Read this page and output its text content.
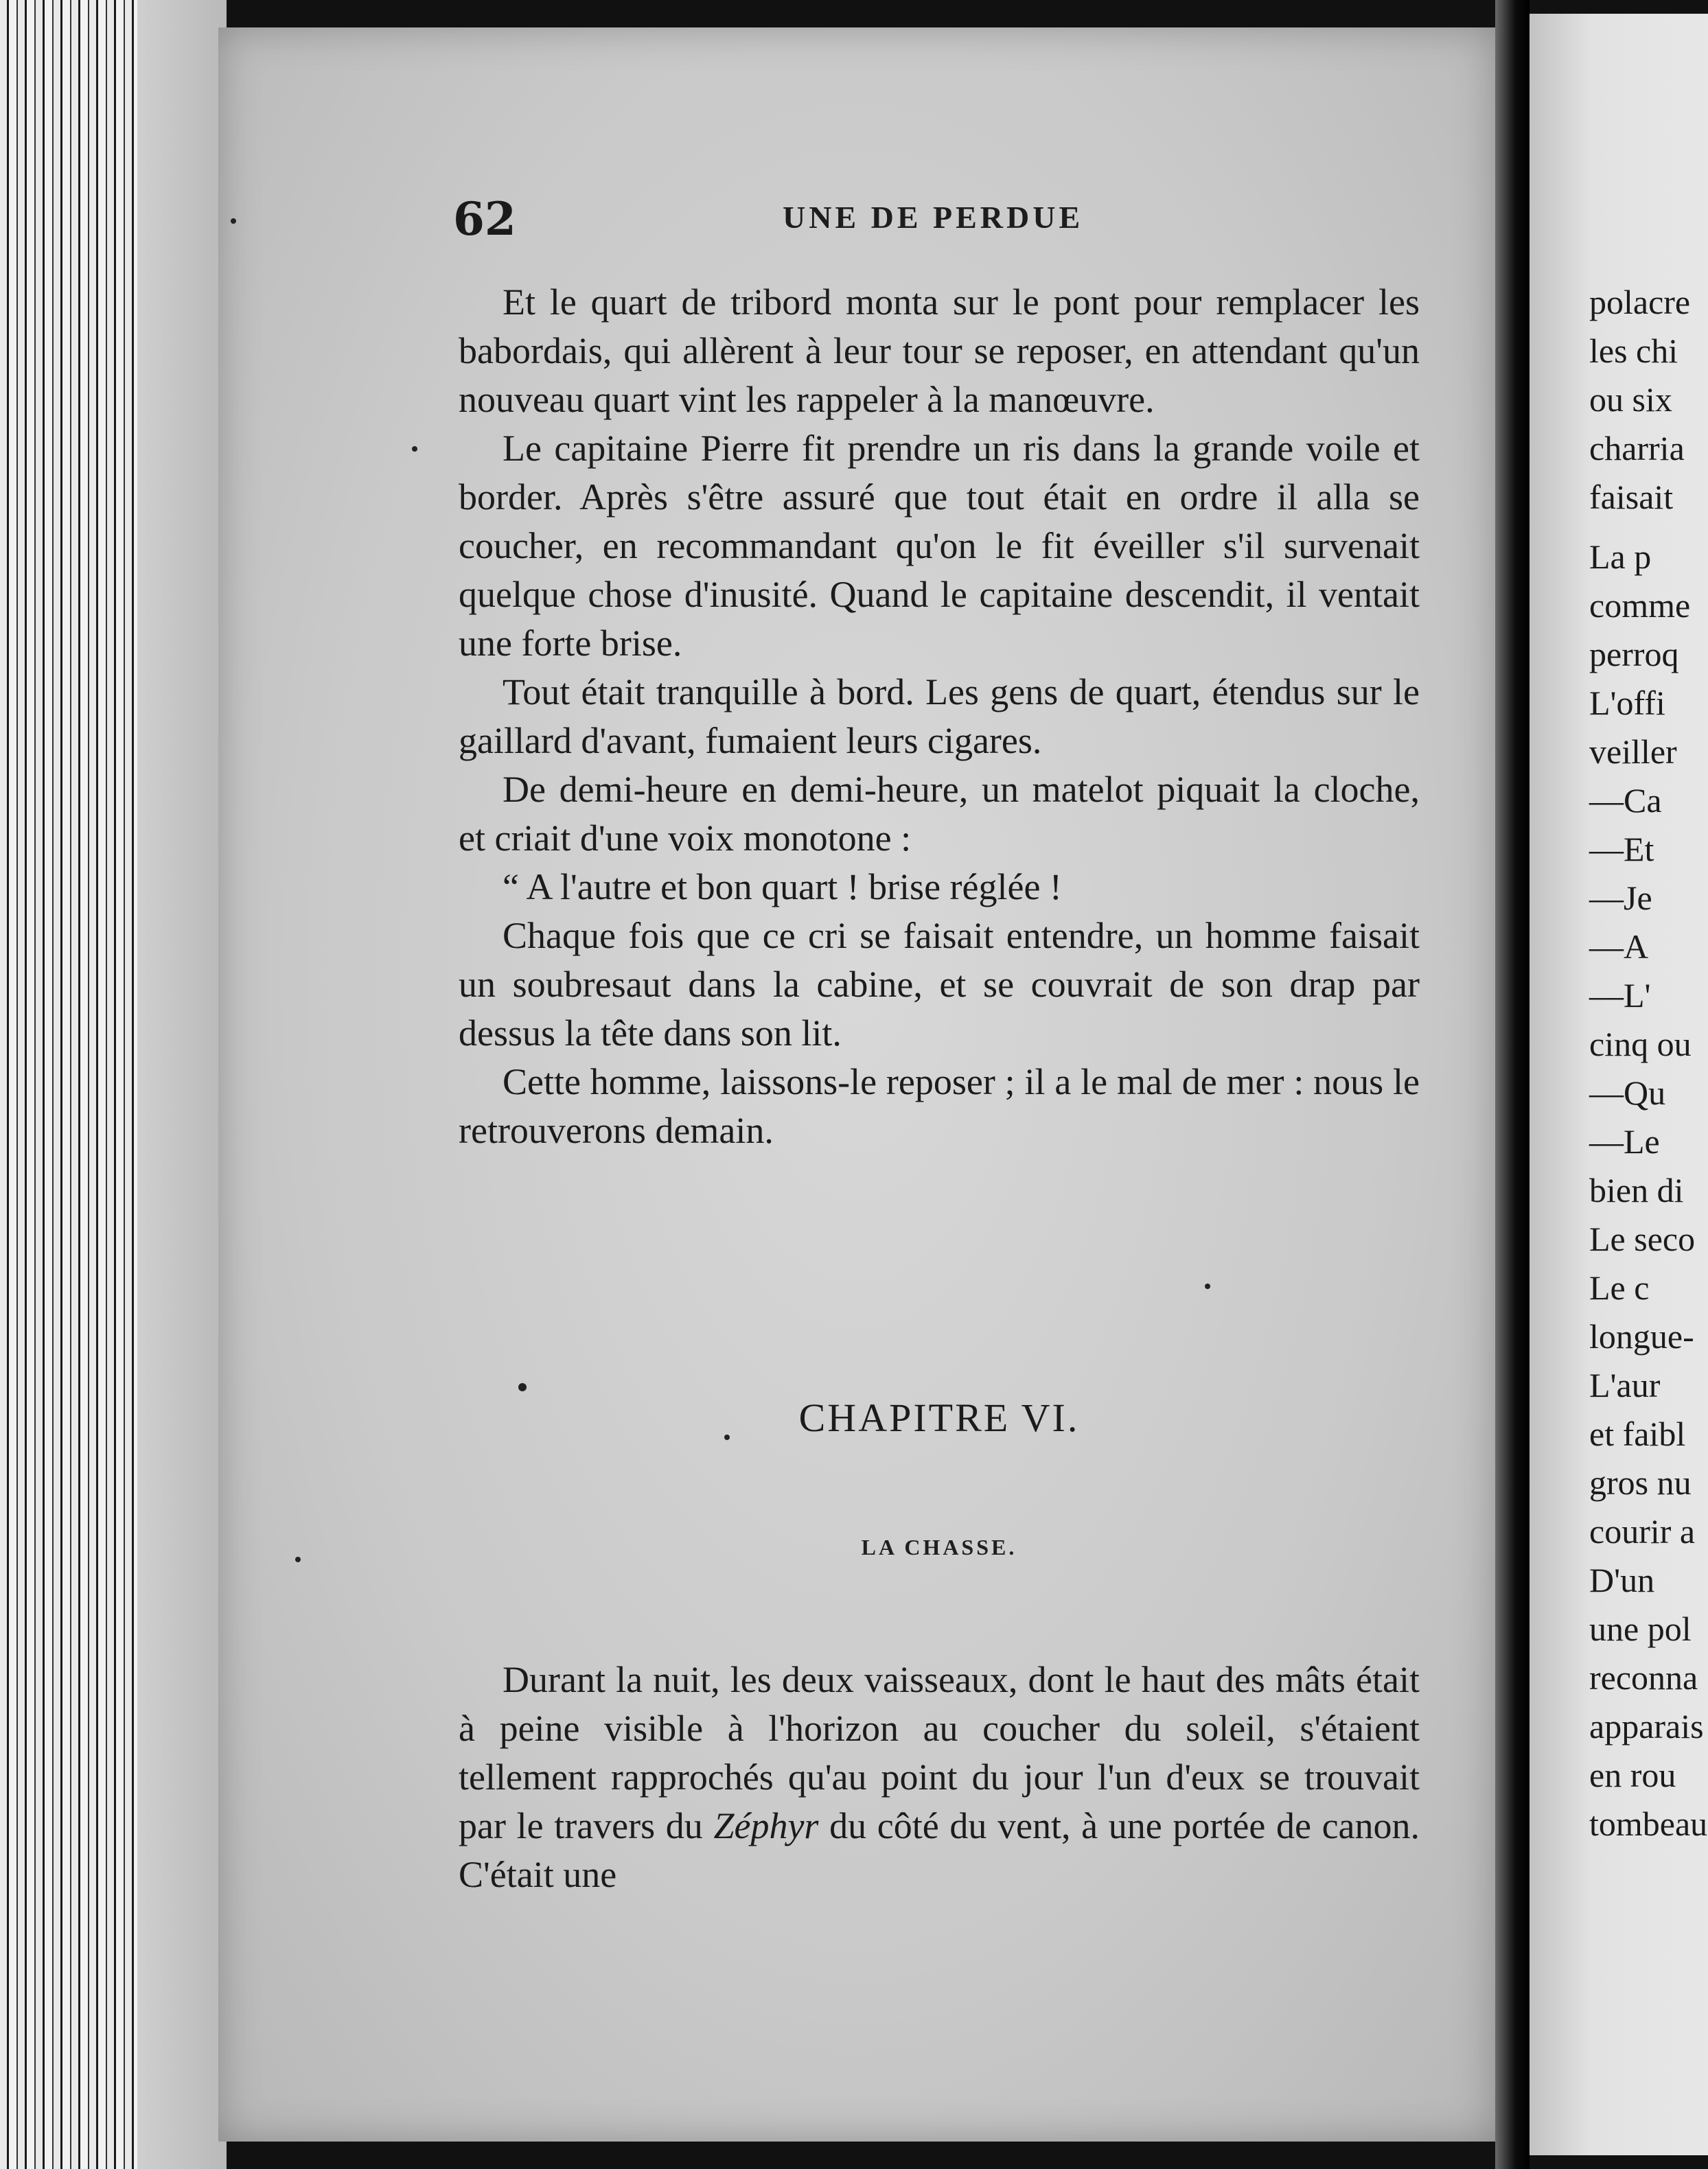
62	UNE DE PERDUE

Et le quart de tribord monta sur le pont pour remplacer les babordais, qui allèrent à leur tour se reposer, en attendant qu'un nouveau quart vint les rappeler à la manœuvre.

Le capitaine Pierre fit prendre un ris dans la grande voile et border. Après s'être assuré que tout était en ordre il alla se coucher, en recommandant qu'on le fit éveiller s'il survenait quelque chose d'inusité. Quand le capitaine descendit, il ventait une forte brise.

Tout était tranquille à bord. Les gens de quart, étendus sur le gaillard d'avant, fumaient leurs cigares.

De demi-heure en demi-heure, un matelot piquait la cloche, et criait d'une voix monotone :

“ A l'autre et bon quart ! brise réglée !

Chaque fois que ce cri se faisait entendre, un homme faisait un soubresaut dans la cabine, et se couvrait de son drap par dessus la tête dans son lit.

Cette homme, laissons-le reposer ; il a le mal de mer : nous le retrouverons demain.

CHAPITRE VI.
LA CHASSE.

Durant la nuit, les deux vaisseaux, dont le haut des mâts était à peine visible à l'horizon au coucher du soleil, s'étaient tellement rapprochés qu'au point du jour l'un d'eux se trouvait par le travers du Zéphyr du côté du vent, à une portée de canon. C'était une

polacre
les chi
ou six
charria
faisait
La p
comme
perroq
L'offi
veiller
—Ca
—Et
—Je
—A
—L'
cinq ou
—Qu
—Le
bien di
Le seco
Le c
longue-
L'aur
et faibl
gros nu
courir a
D'un
une pol
reconna
apparais
en rou
tombeau
